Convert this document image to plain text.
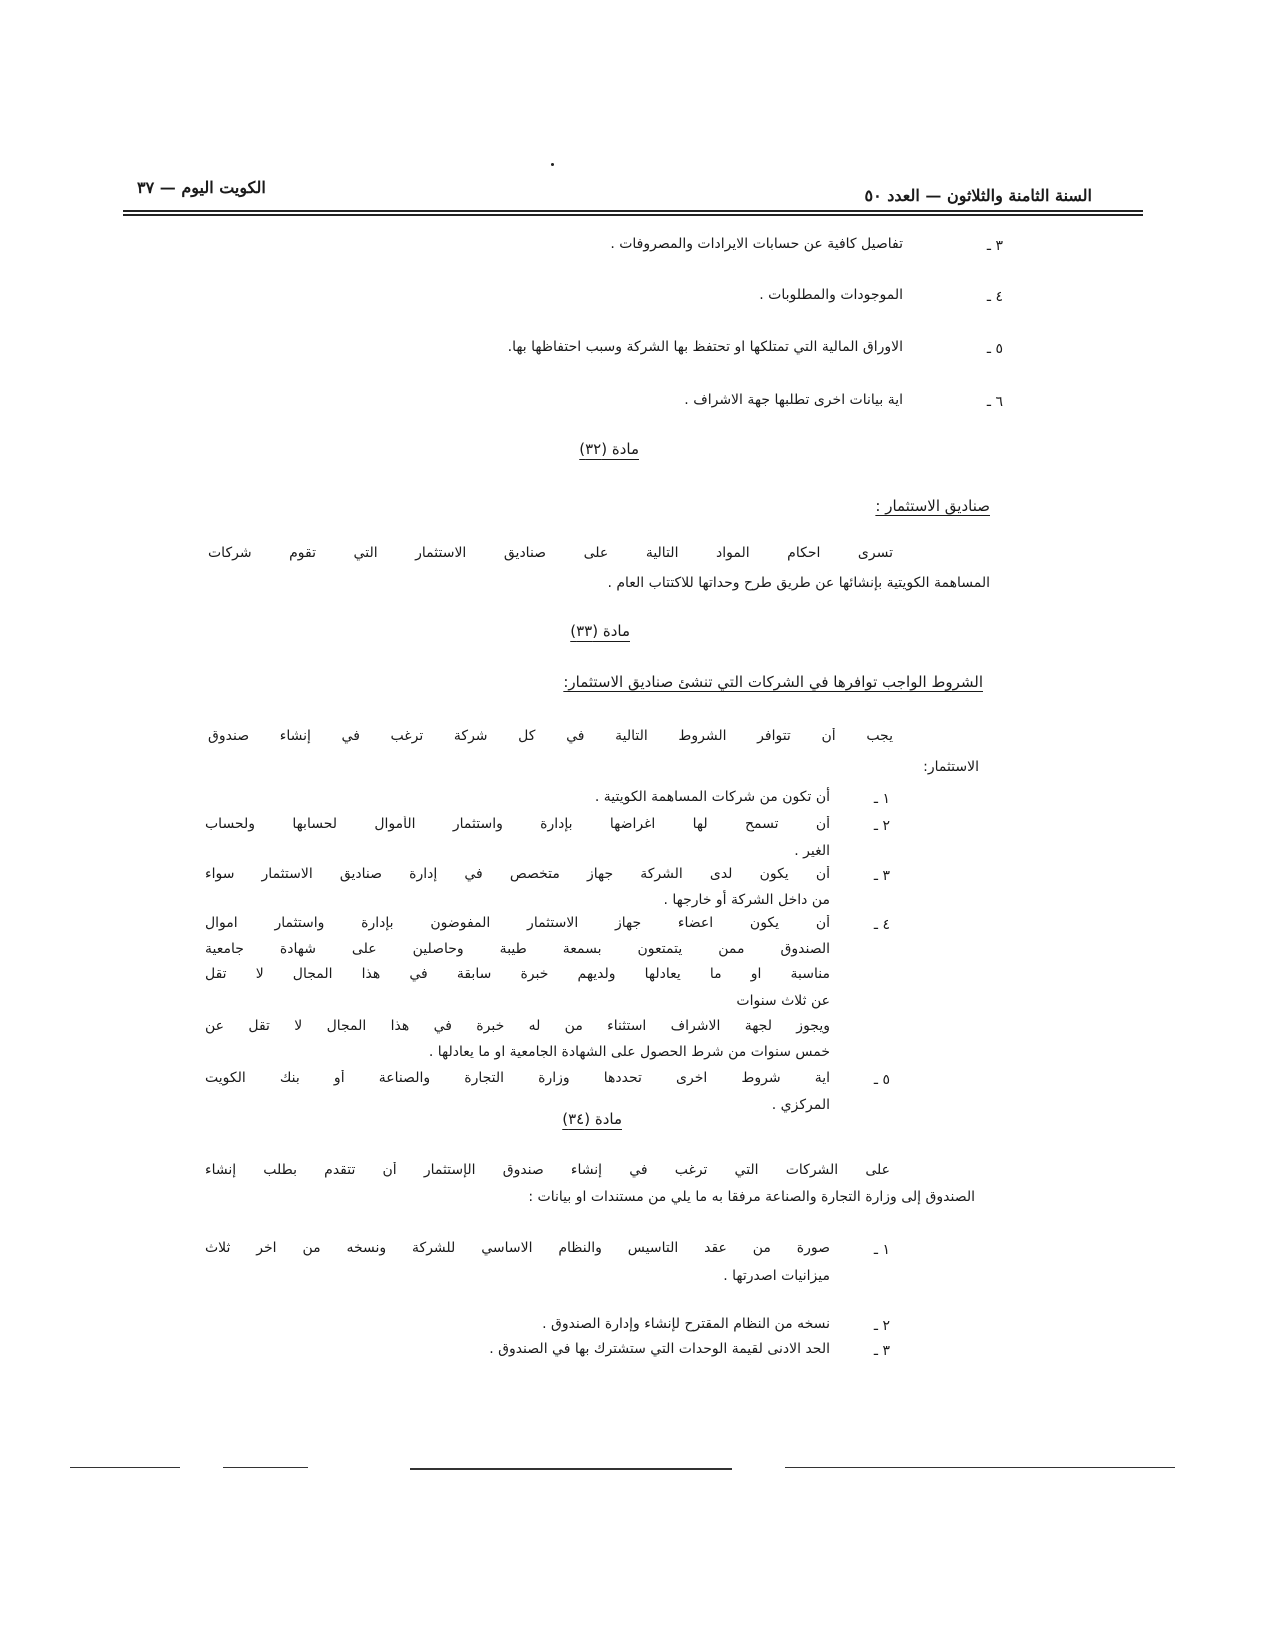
السنة الثامنة والثلاثون — العدد ٥٠
الكويت اليوم — ٣٧
٣ ـ
تفاصيل كافية عن حسابات الايرادات والمصروفات .
٤ ـ
الموجودات والمطلوبات .
٥ ـ
الاوراق المالية التي تمتلكها او تحتفظ بها الشركة وسبب احتفاظها بها.
٦ ـ
اية بيانات اخرى تطلبها جهة الاشراف .
مادة (٣٢)
صناديق الاستثمار :
تسرى احكام المواد التالية على صناديق الاستثمار التي تقوم شركات
المساهمة الكويتية بإنشائها عن طريق طرح وحداتها للاكتتاب العام .
مادة (٣٣)
الشروط الواجب توافرها في الشركات التي تنشئ صناديق الاستثمار:
يجب أن تتوافر الشروط التالية في كل شركة ترغب في إنشاء صندوق
الاستثمار:
١ ـ
أن تكون من شركات المساهمة الكويتية .
٢ ـ
أن تسمح لها اغراضها بإدارة واستثمار الأموال لحسابها ولحساب
الغير .
٣ ـ
أن يكون لدى الشركة جهاز متخصص في إدارة صناديق الاستثمار سواء
من داخل الشركة أو خارجها .
٤ ـ
أن يكون اعضاء جهاز الاستثمار المفوضون بإدارة واستثمار اموال
الصندوق ممن يتمتعون بسمعة طيبة وحاصلين على شهادة جامعية
مناسبة او ما يعادلها ولديهم خبرة سابقة في هذا المجال لا تقل
عن ثلاث سنوات
ويجوز لجهة الاشراف استثناء من له خبرة في هذا المجال لا تقل عن
خمس سنوات من شرط الحصول على الشهادة الجامعية او ما يعادلها .
٥ ـ
اية شروط اخرى تحددها وزارة التجارة والصناعة أو بنك الكويت
المركزي .
مادة (٣٤)
على الشركات التي ترغب في إنشاء صندوق الإستثمار أن تتقدم بطلب إنشاء
الصندوق إلى وزارة التجارة والصناعة مرفقا به ما يلي من مستندات او بيانات :
١ ـ
صورة من عقد التاسيس والنظام الاساسي للشركة ونسخه من اخر ثلاث
ميزانيات اصدرتها .
٢ ـ
نسخه من النظام المقترح لإنشاء وإدارة الصندوق .
٣ ـ
الحد الادنى لقيمة الوحدات التي ستشترك بها في الصندوق .
